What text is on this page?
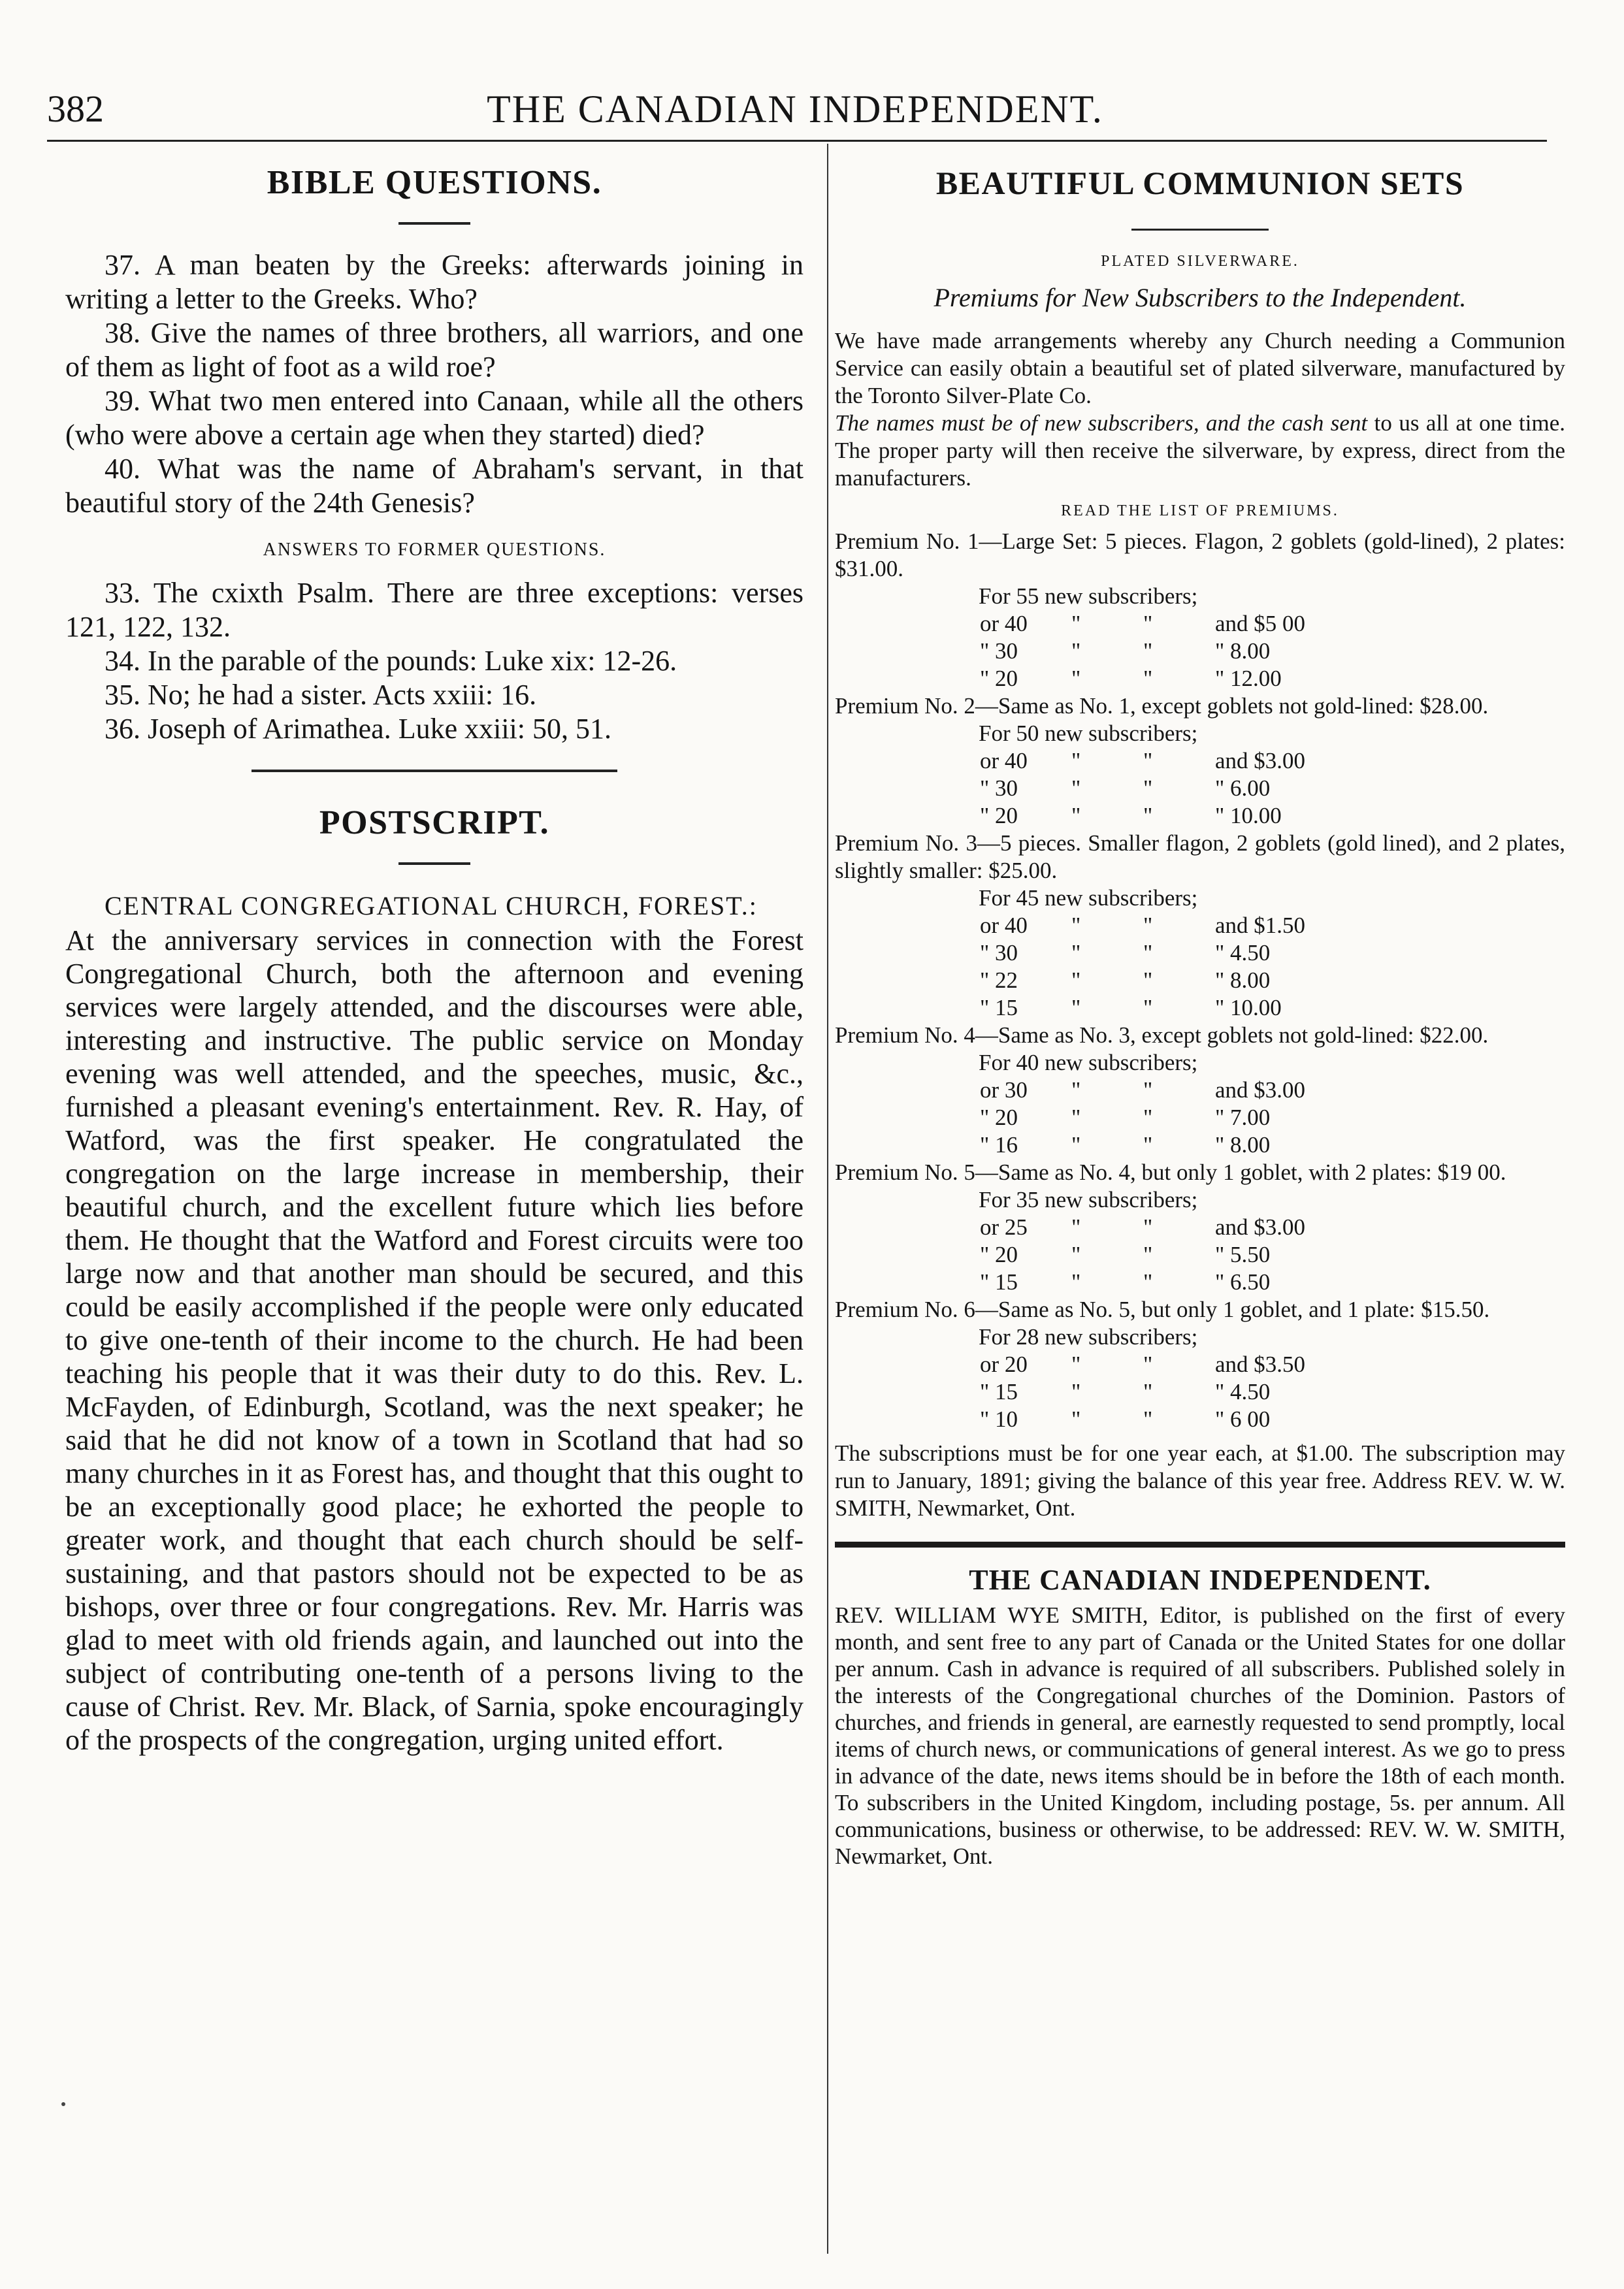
382	THE CANADIAN INDEPENDENT.
BIBLE QUESTIONS.

37. A man beaten by the Greeks: afterwards joining in writing a letter to the Greeks. Who?

38. Give the names of three brothers, all warriors, and one of them as light of foot as a wild roe?

39. What two men entered into Canaan, while all the others (who were above a certain age when they started) died?

40. What was the name of Abraham's servant, in that beautiful story of the 24th Genesis?

ANSWERS TO FORMER QUESTIONS.

33. The cxixth Psalm. There are three exceptions: verses 121, 122, 132.

34. In the parable of the pounds: Luke xix: 12-26.

35. No; he had a sister. Acts xxiii: 16.

36. Joseph of Arimathea. Luke xxiii: 50, 51.

POSTSCRIPT.

CENTRAL CONGREGATIONAL CHURCH, FOREST.:

At the anniversary services in connection with the Forest Congregational Church, both the afternoon and evening services were largely attended, and the discourses were able, interesting and instructive. The public service on Monday evening was well attended, and the speeches, music, &c., furnished a pleasant evening's entertainment. Rev. R. Hay, of Watford, was the first speaker. He congratulated the congregation on the large increase in membership, their beautiful church, and the excellent future which lies before them. He thought that the Watford and Forest circuits were too large now and that another man should be secured, and this could be easily accomplished if the people were only educated to give one-tenth of their income to the church. He had been teaching his people that it was their duty to do this. Rev. L. McFayden, of Edinburgh, Scotland, was the next speaker; he said that he did not know of a town in Scotland that had so many churches in it as Forest has, and thought that this ought to be an exceptionally good place; he exhorted the people to greater work, and thought that each church should be self-sustaining, and that pastors should not be expected to be as bishops, over three or four congregations. Rev. Mr. Harris was glad to meet with old friends again, and launched out into the subject of contributing one-tenth of a persons living to the cause of Christ. Rev. Mr. Black, of Sarnia, spoke encouragingly of the prospects of the congregation, urging united effort.

BEAUTIFUL COMMUNION SETS

PLATED SILVERWARE.

Premiums for New Subscribers to the Independent.

We have made arrangements whereby any Church needing a Communion Service can easily obtain a beautiful set of plated silverware, manufactured by the Toronto Silver-Plate Co.

The names must be of new subscribers, and the cash sent to us all at one time. The proper party will then receive the silverware, by express, direct from the manufacturers.

READ THE LIST OF PREMIUMS.

Premium No. 1—Large Set: 5 pieces. Flagon, 2 goblets (gold-lined), 2 plates: $31.00.

For 55 new subscribers;

or 40	"	"	and $5 00
" 30	"	"	" 8.00
" 20	"	"	" 12.00

Premium No. 2—Same as No. 1, except goblets not gold-lined: $28.00.

For 50 new subscribers;

or 40	"	"	and $3.00
" 30	"	"	" 6.00
" 20	"	"	" 10.00

Premium No. 3—5 pieces. Smaller flagon, 2 goblets (gold lined), and 2 plates, slightly smaller: $25.00.

For 45 new subscribers;

or 40	"	"	and $1.50
" 30	"	"	" 4.50
" 22	"	"	" 8.00
" 15	"	"	" 10.00

Premium No. 4—Same as No. 3, except goblets not gold-lined: $22.00.

For 40 new subscribers;

or 30	"	"	and $3.00
" 20	"	"	" 7.00
" 16	"	"	" 8.00

Premium No. 5—Same as No. 4, but only 1 goblet, with 2 plates: $19 00.

For 35 new subscribers;

or 25	"	"	and $3.00
" 20	"	"	" 5.50
" 15	"	"	" 6.50

Premium No. 6—Same as No. 5, but only 1 goblet, and 1 plate: $15.50.

For 28 new subscribers;

or 20	"	"	and $3.50
" 15	"	"	" 4.50
" 10	"	"	" 6 00

The subscriptions must be for one year each, at $1.00. The subscription may run to January, 1891; giving the balance of this year free. Address REV. W. W. SMITH, Newmarket, Ont.

THE CANADIAN INDEPENDENT.

REV. WILLIAM WYE SMITH, Editor, is published on the first of every month, and sent free to any part of Canada or the United States for one dollar per annum. Cash in advance is required of all subscribers. Published solely in the interests of the Congregational churches of the Dominion. Pastors of churches, and friends in general, are earnestly requested to send promptly, local items of church news, or communications of general interest. As we go to press in advance of the date, news items should be in before the 18th of each month. To subscribers in the United Kingdom, including postage, 5s. per annum. All communications, business or otherwise, to be addressed: REV. W. W. SMITH, Newmarket, Ont.
